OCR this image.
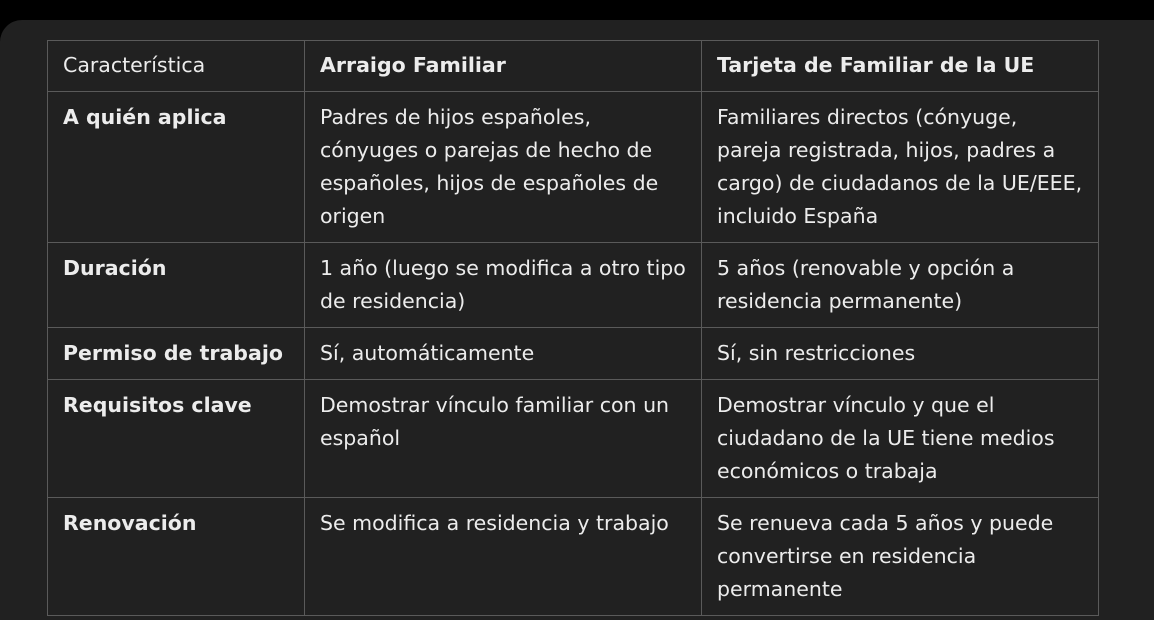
Característica	Arraigo Familiar	Tarjeta de Familiar de la UE
A quién aplica	Padres de hijos españoles, cónyuges o parejas de hecho de españoles, hijos de españoles de origen	Familiares directos (cónyuge, pareja registrada, hijos, padres a cargo) de ciudadanos de la UE/EEE, incluido España
Duración	1 año (luego se modifica a otro tipo de residencia)	5 años (renovable y opción a residencia permanente)
Permiso de trabajo	Sí, automáticamente	Sí, sin restricciones
Requisitos clave	Demostrar vínculo familiar con un español	Demostrar vínculo y que el ciudadano de la UE tiene medios económicos o trabaja
Renovación	Se modifica a residencia y trabajo	Se renueva cada 5 años y puede convertirse en residencia permanente
